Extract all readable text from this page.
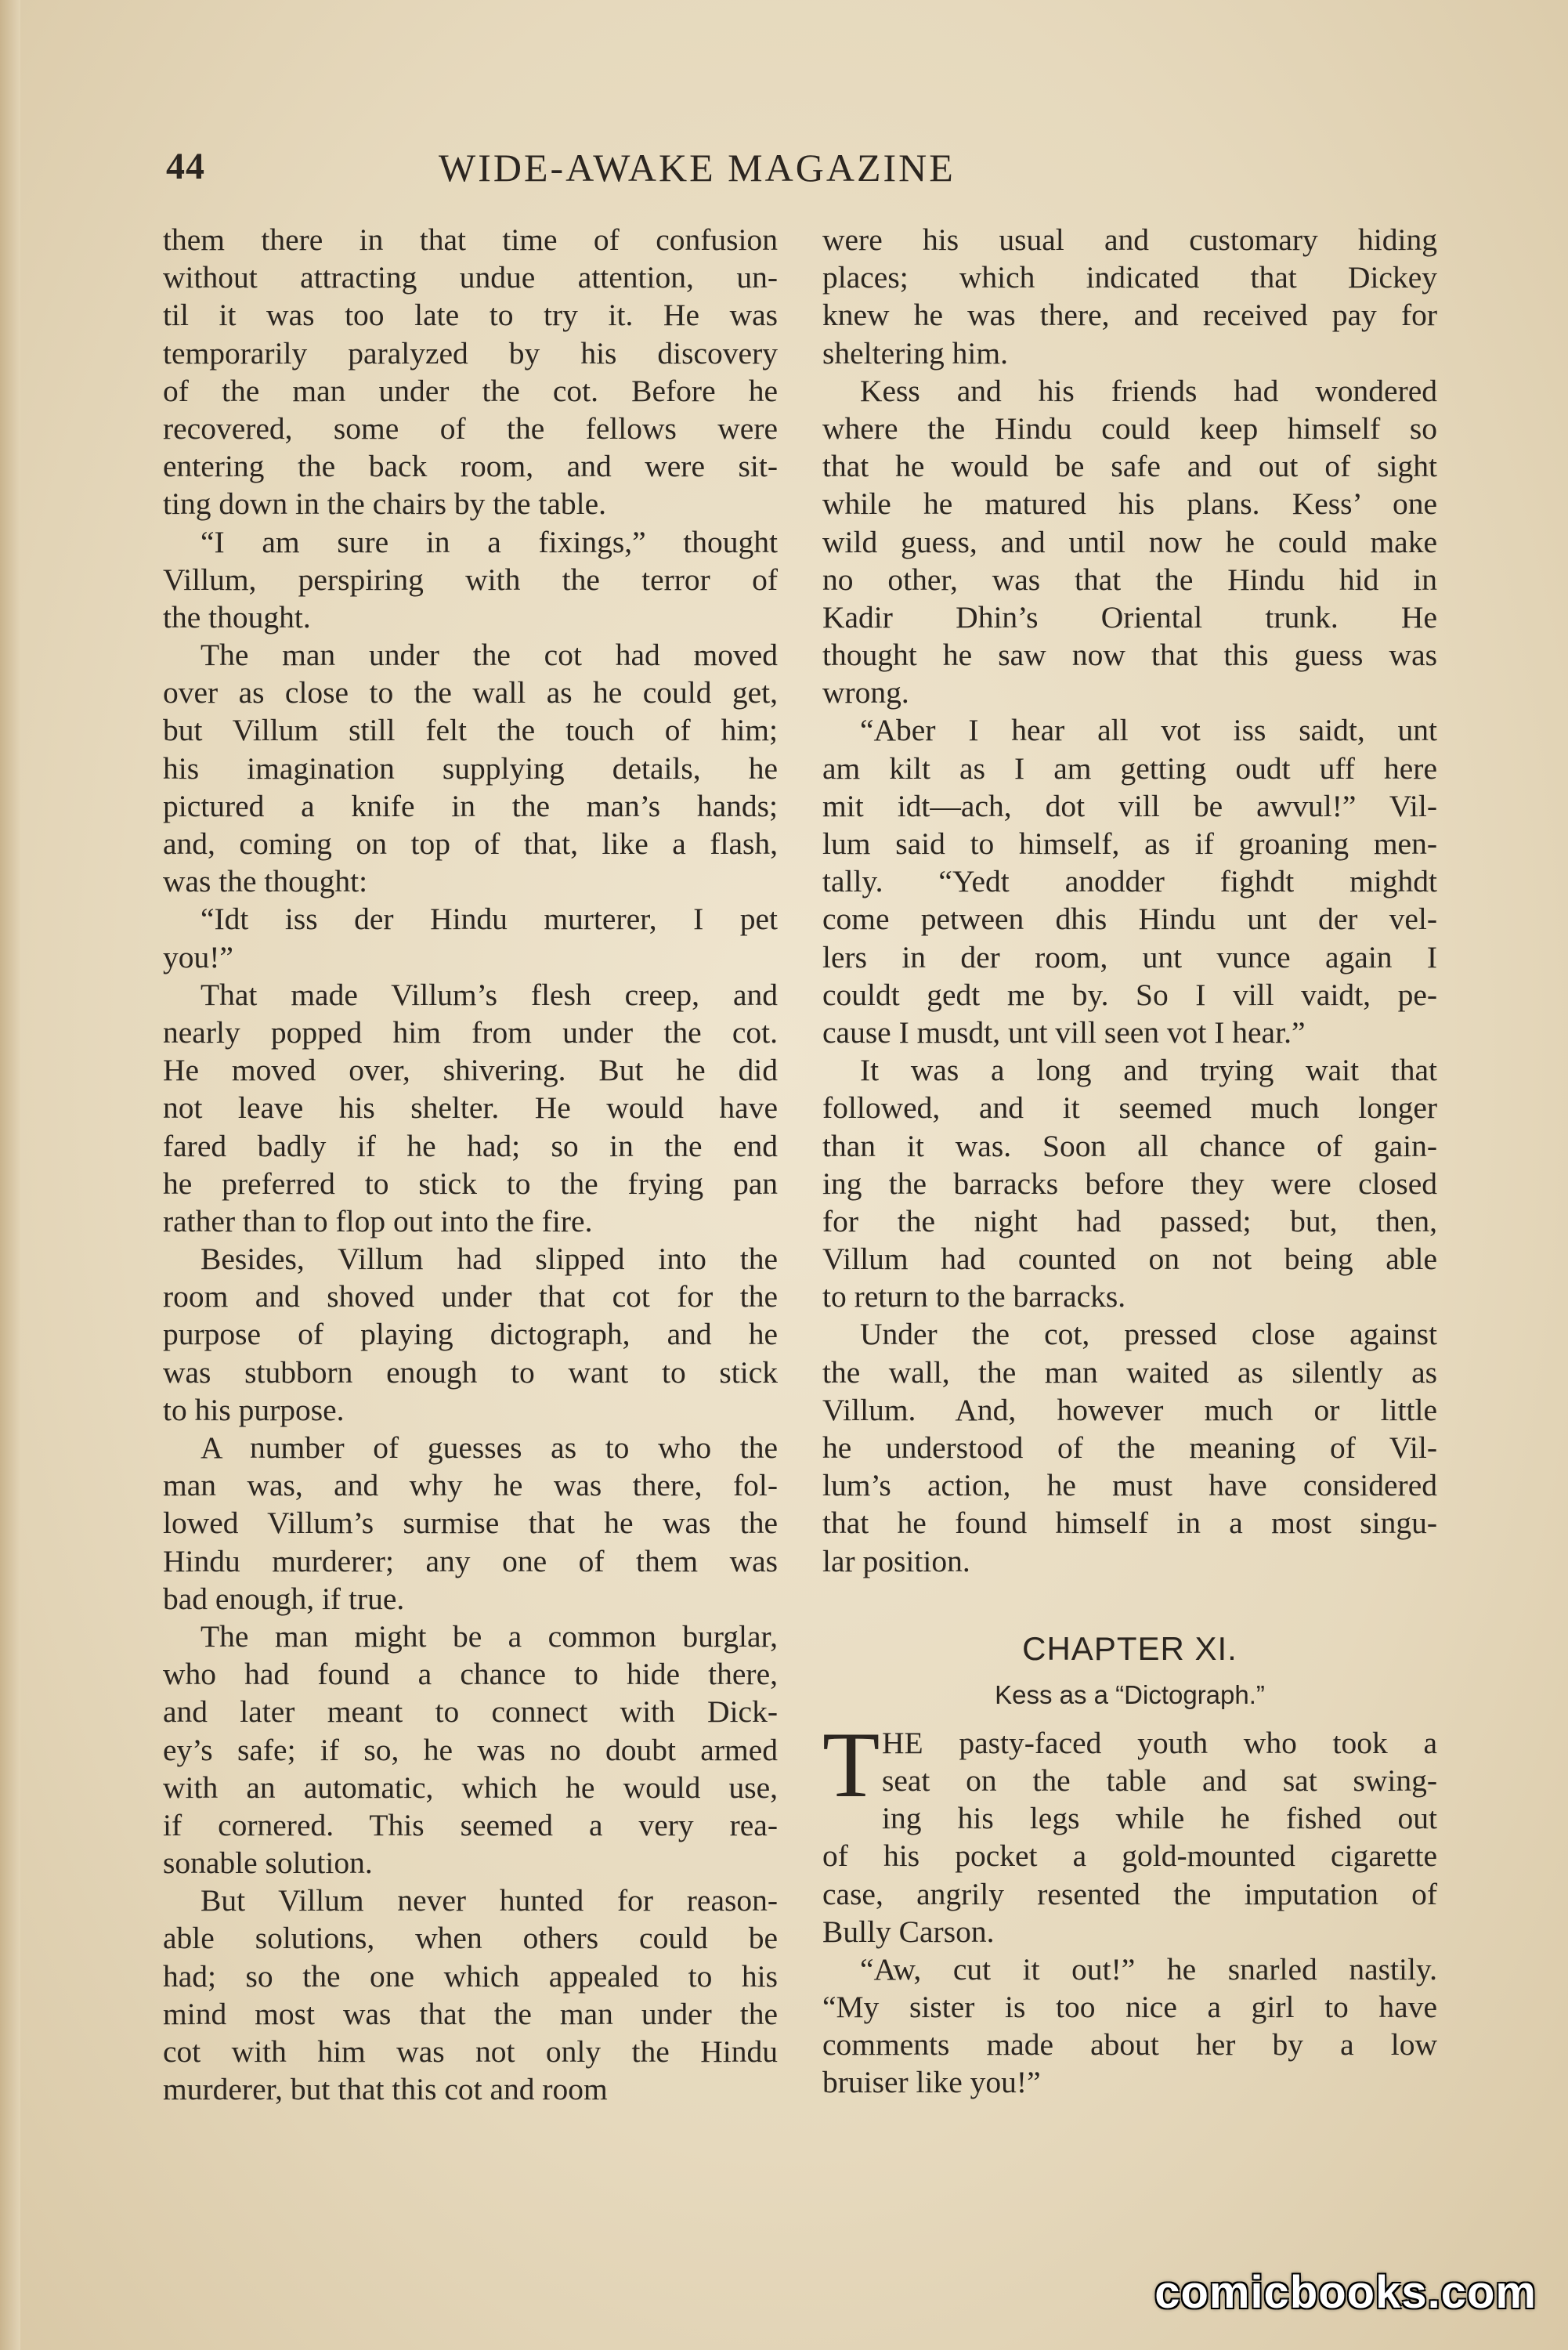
44	WIDE-AWAKE MAGAZINE
them there in that time of confusion
without attracting undue attention, un-
til it was too late to try it. He was
temporarily paralyzed by his discovery
of the man under the cot. Before he
recovered, some of the fellows were
entering the back room, and were sit-
ting down in the chairs by the table.
“I am sure in a fixings,” thought
Villum, perspiring with the terror of
the thought.
The man under the cot had moved
over as close to the wall as he could get,
but Villum still felt the touch of him;
his imagination supplying details, he
pictured a knife in the man’s hands;
and, coming on top of that, like a flash,
was the thought:
“Idt iss der Hindu murterer, I pet
you!”
That made Villum’s flesh creep, and
nearly popped him from under the cot.
He moved over, shivering. But he did
not leave his shelter. He would have
fared badly if he had; so in the end
he preferred to stick to the frying pan
rather than to flop out into the fire.
Besides, Villum had slipped into the
room and shoved under that cot for the
purpose of playing dictograph, and he
was stubborn enough to want to stick
to his purpose.
A number of guesses as to who the
man was, and why he was there, fol-
lowed Villum’s surmise that he was the
Hindu murderer; any one of them was
bad enough, if true.
The man might be a common burglar,
who had found a chance to hide there,
and later meant to connect with Dick-
ey’s safe; if so, he was no doubt armed
with an automatic, which he would use,
if cornered. This seemed a very rea-
sonable solution.
But Villum never hunted for reason-
able solutions, when others could be
had; so the one which appealed to his
mind most was that the man under the
cot with him was not only the Hindu
murderer, but that this cot and room
were his usual and customary hiding
places; which indicated that Dickey
knew he was there, and received pay for
sheltering him.
Kess and his friends had wondered
where the Hindu could keep himself so
that he would be safe and out of sight
while he matured his plans. Kess’ one
wild guess, and until now he could make
no other, was that the Hindu hid in
Kadir Dhin’s Oriental trunk. He
thought he saw now that this guess was
wrong.
“Aber I hear all vot iss saidt, unt
am kilt as I am getting oudt uff here
mit idt—ach, dot vill be awvul!” Vil-
lum said to himself, as if groaning men-
tally. “Yedt anodder fighdt mighdt
come petween dhis Hindu unt der vel-
lers in der room, unt vunce again I
couldt gedt me by. So I vill vaidt, pe-
cause I musdt, unt vill seen vot I hear.”
It was a long and trying wait that
followed, and it seemed much longer
than it was. Soon all chance of gain-
ing the barracks before they were closed
for the night had passed; but, then,
Villum had counted on not being able
to return to the barracks.
Under the cot, pressed close against
the wall, the man waited as silently as
Villum. And, however much or little
he understood of the meaning of Vil-
lum’s action, he must have considered
that he found himself in a most singu-
lar position.
CHAPTER XI.
Kess as a “Dictograph.”
T HE pasty-faced youth who took a
seat on the table and sat swing-
ing his legs while he fished out
of his pocket a gold-mounted cigarette
case, angrily resented the imputation of
Bully Carson.
“Aw, cut it out!” he snarled nastily.
“My sister is too nice a girl to have
comments made about her by a low
bruiser like you!”
comicbooks.com
